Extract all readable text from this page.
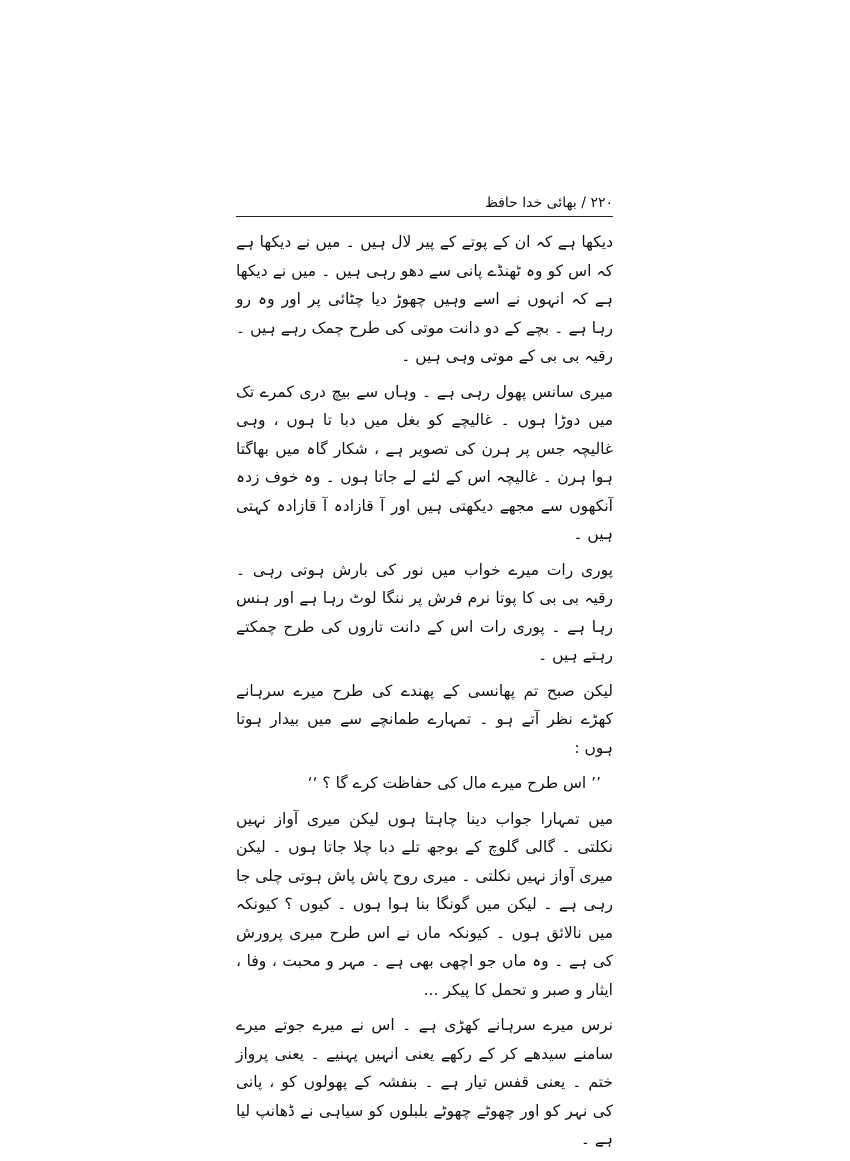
۲۲۰ / بھائی خدا حافظ

دیکھا ہے کہ ان کے پوتے کے پیر لال ہیں ۔ میں نے دیکھا ہے کہ اس کو وہ ٹھنڈے پانی سے دھو رہی ہیں ۔ میں نے دیکھا ہے کہ انہوں نے اسے وہیں چھوڑ دیا چٹائی پر اور وہ رو رہا ہے ۔ بچے کے دو دانت موتی کی طرح چمک رہے ہیں ۔ رقیہ بی بی کے موتی وہی ہیں ۔

میری سانس پھول رہی ہے ۔ وہاں سے بیچ دری کمرے تک میں دوڑا ہوں ۔ غالیچے کو بغل میں دبا تا ہوں ، وہی غالیچہ جس پر ہرن کی تصویر ہے ، شکار گاہ میں بھاگتا ہوا ہرن ۔ غالیچہ اس کے لئے لے جاتا ہوں ۔ وہ خوف زدہ آنکھوں سے مجھے دیکھتی ہیں اور آ قازادہ آ قازادہ کہتی ہیں ۔

پوری رات میرے خواب میں نور کی بارش ہوتی رہی ۔ رقیہ بی بی کا پوتا نرم فرش پر ننگا لوٹ رہا ہے اور ہنس رہا ہے ۔ پوری رات اس کے دانت تاروں کی طرح چمکتے رہتے ہیں ۔

لیکن صبح تم پھانسی کے پھندے کی طرح میرے سرہانے کھڑے نظر آتے ہو ۔ تمہارے طمانچے سے میں بیدار ہوتا ہوں :

’’ اس طرح میرے مال کی حفاظت کرے گا ؟ ‘‘

میں تمہارا جواب دینا چاہتا ہوں لیکن میری آواز نہیں نکلتی ۔ گالی گلوچ کے بوجھ تلے دبا چلا جاتا ہوں ۔ لیکن میری آواز نہیں نکلتی ۔ میری روح پاش پاش ہوتی چلی جا رہی ہے ۔ لیکن میں گونگا بنا ہوا ہوں ۔ کیوں ؟ کیونکہ میں نالائق ہوں ۔ کیونکہ ماں نے اس طرح میری پرورش کی ہے ۔ وہ ماں جو اچھی بھی ہے ۔ مہر و محبت ، وفا ، ایثار و صبر و تحمل کا پیکر ...

نرس میرے سرہانے کھڑی ہے ۔ اس نے میرے جوتے میرے سامنے سیدھے کر کے رکھے یعنی انہیں پہنیے ۔ یعنی پرواز ختم ۔ یعنی قفس تیار ہے ۔ بنفشہ کے پھولوں کو ، پانی کی نہر کو اور چھوٹے چھوٹے بلبلوں کو سیاہی نے ڈھانپ لیا ہے ۔
